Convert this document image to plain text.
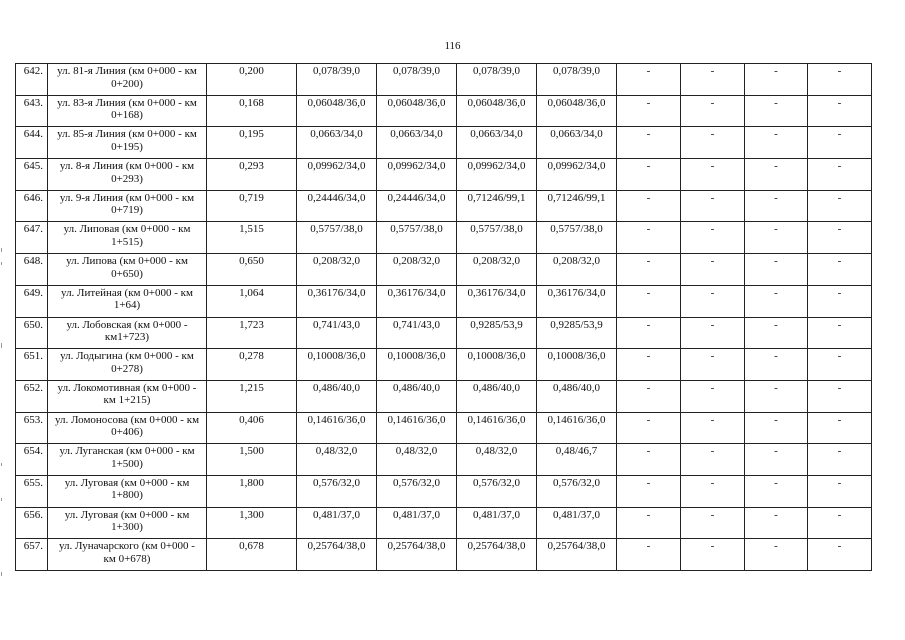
116
642.	ул. 81-я Линия (км 0+000 - км 0+200)	0,200	0,078/39,0	0,078/39,0	0,078/39,0	0,078/39,0	-	-	-	-
643.	ул. 83-я Линия (км 0+000 - км 0+168)	0,168	0,06048/36,0	0,06048/36,0	0,06048/36,0	0,06048/36,0	-	-	-	-
644.	ул. 85-я Линия (км 0+000 - км 0+195)	0,195	0,0663/34,0	0,0663/34,0	0,0663/34,0	0,0663/34,0	-	-	-	-
645.	ул. 8-я Линия (км 0+000 - км 0+293)	0,293	0,09962/34,0	0,09962/34,0	0,09962/34,0	0,09962/34,0	-	-	-	-
646.	ул. 9-я Линия (км 0+000 - км 0+719)	0,719	0,24446/34,0	0,24446/34,0	0,71246/99,1	0,71246/99,1	-	-	-	-
647.	ул. Липовая (км 0+000 - км 1+515)	1,515	0,5757/38,0	0,5757/38,0	0,5757/38,0	0,5757/38,0	-	-	-	-
648.	ул. Липова (км 0+000 - км 0+650)	0,650	0,208/32,0	0,208/32,0	0,208/32,0	0,208/32,0	-	-	-	-
649.	ул. Литейная (км 0+000 - км 1+64)	1,064	0,36176/34,0	0,36176/34,0	0,36176/34,0	0,36176/34,0	-	-	-	-
650.	ул. Лобовская (км 0+000 - км1+723)	1,723	0,741/43,0	0,741/43,0	0,9285/53,9	0,9285/53,9	-	-	-	-
651.	ул. Лодыгина (км 0+000 - км 0+278)	0,278	0,10008/36,0	0,10008/36,0	0,10008/36,0	0,10008/36,0	-	-	-	-
652.	ул. Локомотивная (км 0+000 - км 1+215)	1,215	0,486/40,0	0,486/40,0	0,486/40,0	0,486/40,0	-	-	-	-
653.	ул. Ломоносова (км 0+000 - км 0+406)	0,406	0,14616/36,0	0,14616/36,0	0,14616/36,0	0,14616/36,0	-	-	-	-
654.	ул. Луганская (км 0+000 - км 1+500)	1,500	0,48/32,0	0,48/32,0	0,48/32,0	0,48/46,7	-	-	-	-
655.	ул. Луговая (км 0+000 - км 1+800)	1,800	0,576/32,0	0,576/32,0	0,576/32,0	0,576/32,0	-	-	-	-
656.	ул. Луговая (км 0+000 - км 1+300)	1,300	0,481/37,0	0,481/37,0	0,481/37,0	0,481/37,0	-	-	-	-
657.	ул. Луначарского (км 0+000 - км 0+678)	0,678	0,25764/38,0	0,25764/38,0	0,25764/38,0	0,25764/38,0	-	-	-	-
